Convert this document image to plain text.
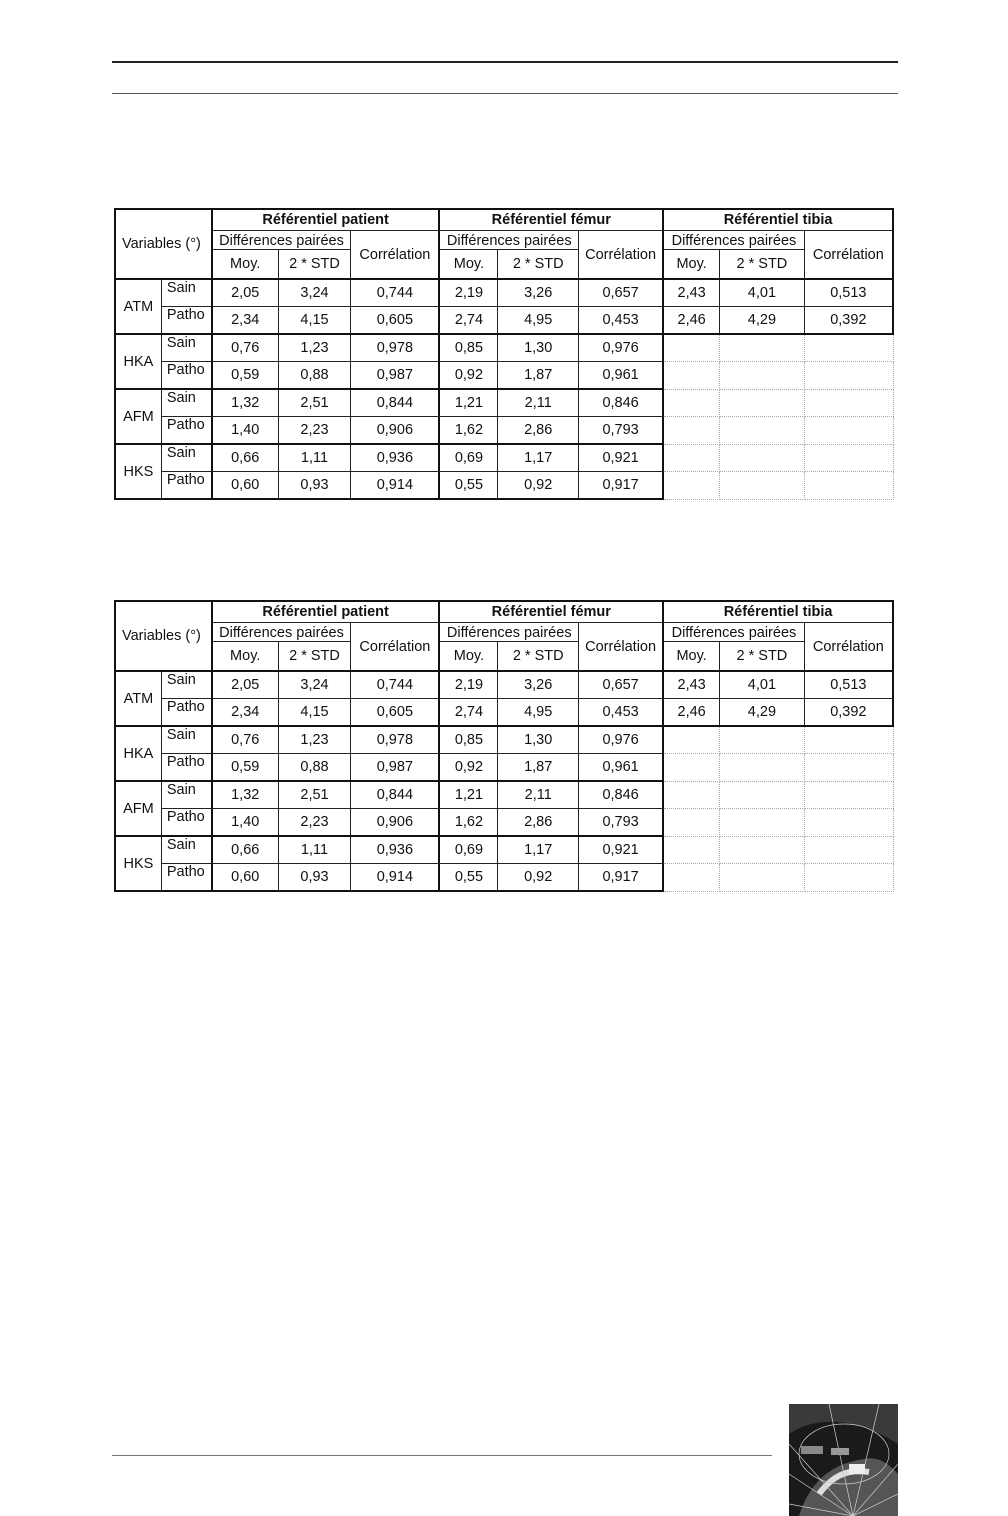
Variables (°)		Référentiel patient			Référentiel fémur			Référentiel tibia		
		Différences pairées		Corrélation	Différences pairées		Corrélation	Différences pairées		Corrélation
		Moy.	2 * STD		Moy.	2 * STD		Moy.	2 * STD	
ATM	Sain	2,05	3,24	0,744	2,19	3,26	0,657	2,43	4,01	0,513
	Patho	2,34	4,15	0,605	2,74	4,95	0,453	2,46	4,29	0,392
HKA	Sain	0,76	1,23	0,978	0,85	1,30	0,976			
	Patho	0,59	0,88	0,987	0,92	1,87	0,961			
AFM	Sain	1,32	2,51	0,844	1,21	2,11	0,846			
	Patho	1,40	2,23	0,906	1,62	2,86	0,793			
HKS	Sain	0,66	1,11	0,936	0,69	1,17	0,921			
	Patho	0,60	0,93	0,914	0,55	0,92	0,917			
Variables (°)		Référentiel patient			Référentiel fémur			Référentiel tibia		
		Différences pairées		Corrélation	Différences pairées		Corrélation	Différences pairées		Corrélation
		Moy.	2 * STD		Moy.	2 * STD		Moy.	2 * STD	
ATM	Sain	2,05	3,24	0,744	2,19	3,26	0,657	2,43	4,01	0,513
	Patho	2,34	4,15	0,605	2,74	4,95	0,453	2,46	4,29	0,392
HKA	Sain	0,76	1,23	0,978	0,85	1,30	0,976			
	Patho	0,59	0,88	0,987	0,92	1,87	0,961			
AFM	Sain	1,32	2,51	0,844	1,21	2,11	0,846			
	Patho	1,40	2,23	0,906	1,62	2,86	0,793			
HKS	Sain	0,66	1,11	0,936	0,69	1,17	0,921			
	Patho	0,60	0,93	0,914	0,55	0,92	0,917			
